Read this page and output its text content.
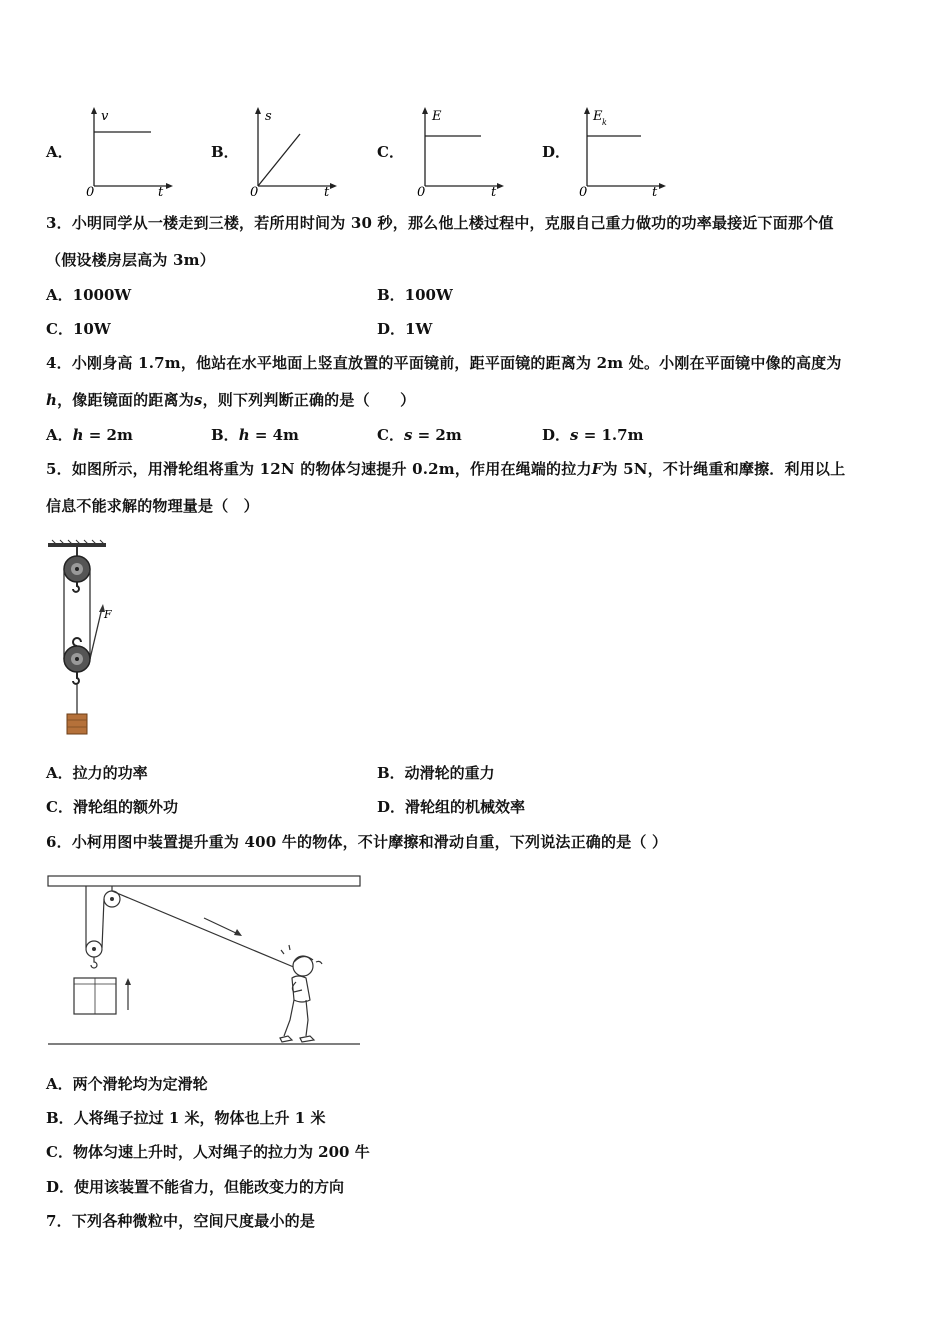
A．
v
t
0
B．
s
t
0
C．
E
t
0
D．
E k
t
0
3．小明同学从一楼走到三楼，若所用时间为 30 秒，那么他上楼过程中，克服自己重力做功的功率最接近下面那个值
（假设楼房层高为 3m）
A．1000W	B．100W
C．10W	D．1W
4．小刚身高 1.7m，他站在水平地面上竖直放置的平面镜前，距平面镜的距离为 2m 处。小刚在平面镜中像的高度为
h，像距镜面的距离为s，则下列判断正确的是（　　）
A．h = 2m	B．h = 4m	C．s = 2m	D．s = 1.7m
5．如图所示，用滑轮组将重为 12N 的物体匀速提升 0.2m，作用在绳端的拉力F为 5N，不计绳重和摩擦．利用以上
信息不能求解的物理量是（　）
F
A．拉力的功率	B．动滑轮的重力
C．滑轮组的额外功	D．滑轮组的机械效率
6．小柯用图中装置提升重为 400 牛的物体，不计摩擦和滑动自重，下列说法正确的是（ ）
A．两个滑轮均为定滑轮
B．人将绳子拉过 1 米，物体也上升 1 米
C．物体匀速上升时，人对绳子的拉力为 200 牛
D．使用该装置不能省力，但能改变力的方向
7．下列各种微粒中，空间尺度最小的是
